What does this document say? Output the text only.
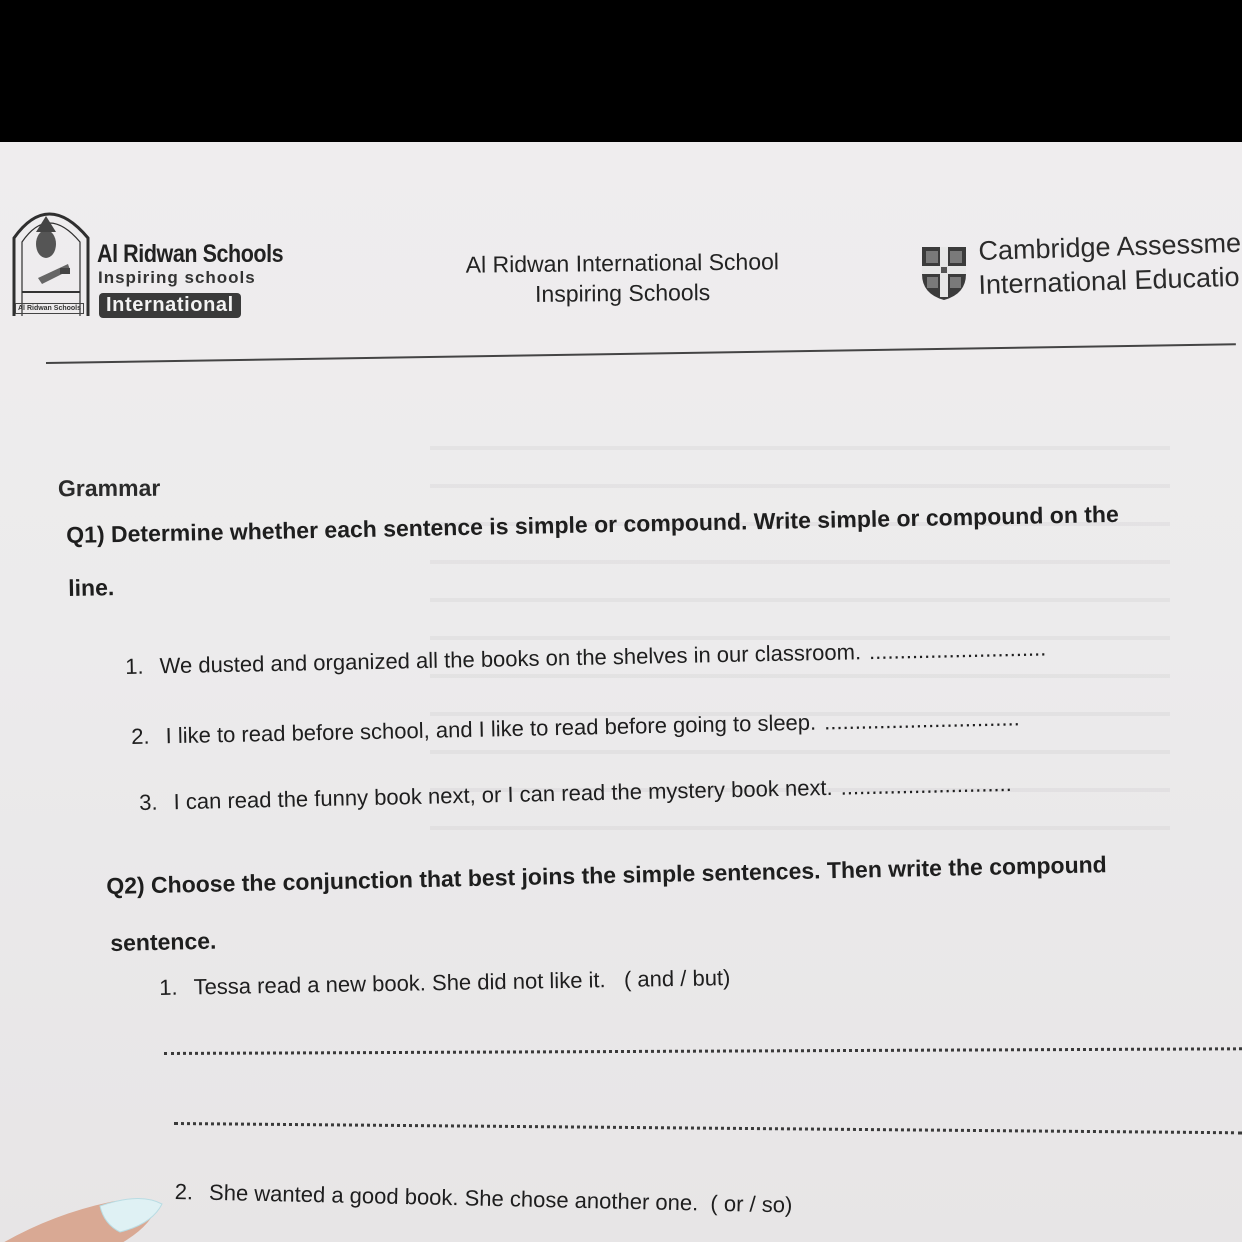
Al Ridwan Schools
Al Ridwan Schools
Inspiring schools
International
Al Ridwan International School
Inspiring Schools
Cambridge Assessme
International Educatio
Grammar
Q1) Determine whether each sentence is simple or compound. Write simple or compound on the
line.
1. We dusted and organized all the books on the shelves in our classroom. .............................
2. I like to read before school, and I like to read before going to sleep. ................................
3. I can read the funny book next, or I can read the mystery book next. ............................
Q2) Choose the conjunction that best joins the simple sentences. Then write the compound
sentence.
1. Tessa read a new book. She did not like it. ( and / but)
2. She wanted a good book. She chose another one. ( or / so)
